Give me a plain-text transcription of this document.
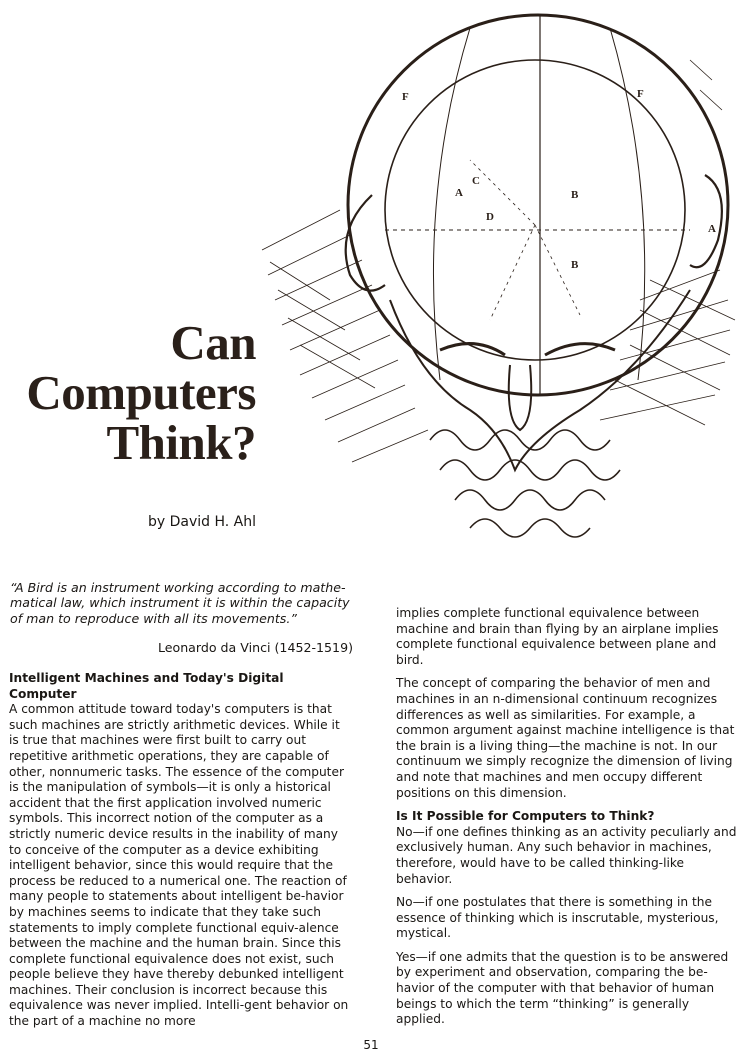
F	F
A
A
C
D
B
B
Can
Computers
Think?

by David H. Ahl

“A Bird is an instrument working according to mathe-matical law, which instrument it is within the capacity of man to reproduce with all its movements.”

Leonardo da Vinci (1452-1519)

Intelligent Machines and Today's Digital Computer

A common attitude toward today's computers is that such machines are strictly arithmetic devices. While it is true that machines were first built to carry out repetitive arithmetic operations, they are capable of other, nonnumeric tasks. The essence of the computer is the manipulation of symbols—it is only a historical accident that the first application involved numeric symbols. This incorrect notion of the computer as a strictly numeric device results in the inability of many to conceive of the computer as a device exhibiting intelligent behavior, since this would require that the process be reduced to a numerical one. The reaction of many people to statements about intelligent be-havior by machines seems to indicate that they take such statements to imply complete functional equiv-alence between the machine and the human brain. Since this complete functional equivalence does not exist, such people believe they have thereby debunked intelligent machines. Their conclusion is incorrect because this equivalence was never implied. Intelli-gent behavior on the part of a machine no more

implies complete functional equivalence between machine and brain than flying by an airplane implies complete functional equivalence between plane and bird.

The concept of comparing the behavior of men and machines in an n-dimensional continuum recognizes differences as well as similarities. For example, a common argument against machine intelligence is that the brain is a living thing—the machine is not. In our continuum we simply recognize the dimension of living and note that machines and men occupy different positions on this dimension.

Is It Possible for Computers to Think?

No—if one defines thinking as an activity peculiarly and exclusively human. Any such behavior in machines, therefore, would have to be called thinking-like behavior.

No—if one postulates that there is something in the essence of thinking which is inscrutable, mysterious, mystical.

Yes—if one admits that the question is to be answered by experiment and observation, comparing the be-havior of the computer with that behavior of human beings to which the term “thinking” is generally applied.

51
